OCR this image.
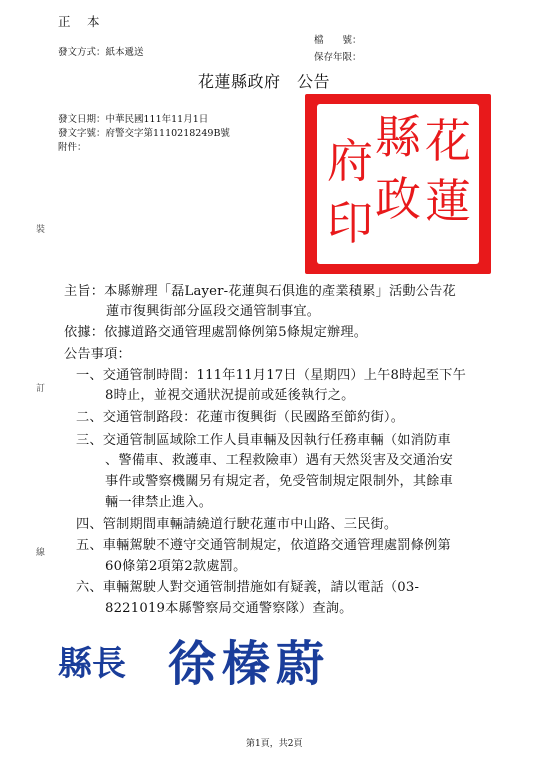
正　本
發文方式：紙本遞送
檔　　號：
保存年限：
花蓮縣政府　公告
發文日期：中華民國111年11月1日
發文字號：府警交字第1110218249B號
附件：
裝
訂
線
縣
府 花
蓮
政
印
主旨：本縣辦理「磊Layer-花蓮與石俱進的產業積累」活動公告花
蓮市復興街部分區段交通管制事宜。
依據：依據道路交通管理處罰條例第5條規定辦理。
公告事項：
一、交通管制時間：111年11月17日（星期四）上午8時起至下午
8時止，並視交通狀況提前或延後執行之。
二、交通管制路段：花蓮市復興街（民國路至節約街）。
三、交通管制區域除工作人員車輛及因執行任務車輛（如消防車
、警備車、救護車、工程救險車）遇有天然災害及交通治安
事件或警察機關另有規定者，免受管制規定限制外，其餘車
輛一律禁止進入。
四、管制期間車輛請繞道行駛花蓮市中山路、三民街。
五、車輛駕駛不遵守交通管制規定，依道路交通管理處罰條例第
60條第2項第2款處罰。
六、車輛駕駛人對交通管制措施如有疑義，請以電話（03-
8221019本縣警察局交通警察隊）查詢。
縣長 徐榛蔚
第1頁，共2頁
